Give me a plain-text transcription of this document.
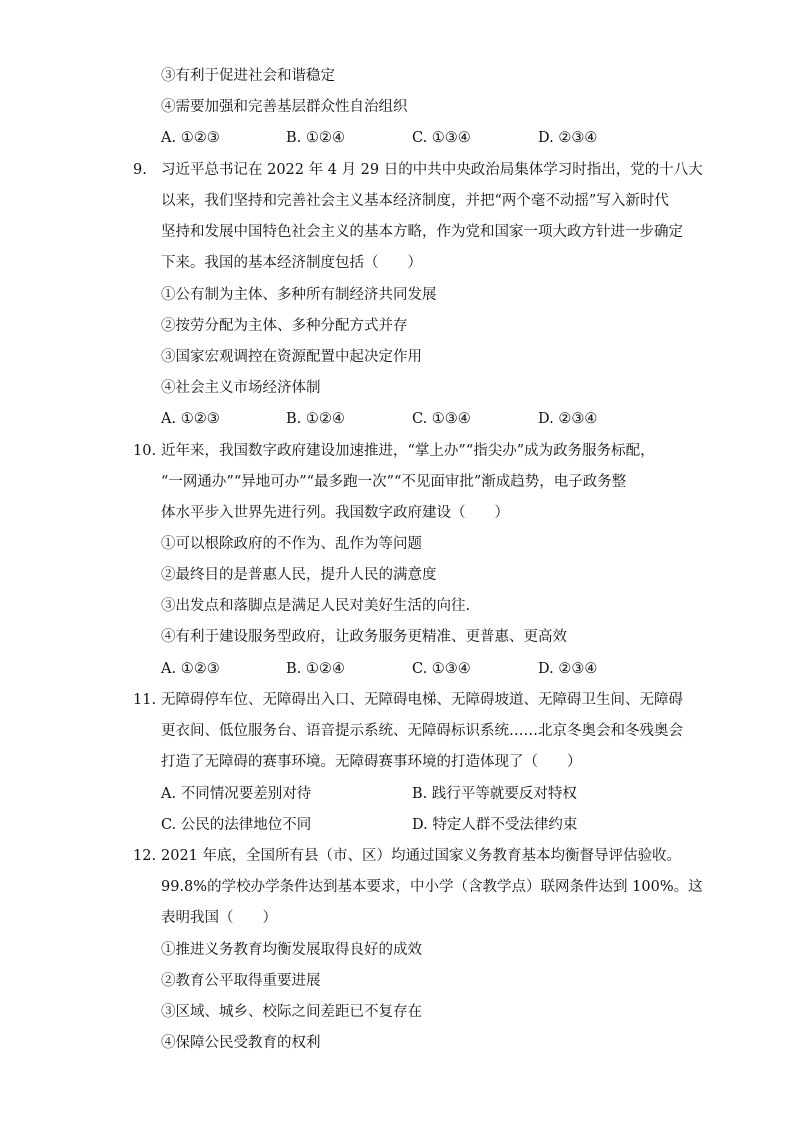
③有利于促进社会和谐稳定
④需要加强和完善基层群众性自治组织
A. ①②③	B. ①②④	C. ①③④	D. ②③④
9. 习近平总书记在 2022 年 4 月 29 日的中共中央政治局集体学习时指出，党的十八大
以来，我们坚持和完善社会主义基本经济制度，并把“两个毫不动摇”写入新时代
坚持和发展中国特色社会主义的基本方略，作为党和国家一项大政方针进一步确定
下来。我国的基本经济制度包括（　　）
①公有制为主体、多种所有制经济共同发展
②按劳分配为主体、多种分配方式并存
③国家宏观调控在资源配置中起决定作用
④社会主义市场经济体制
A. ①②③	B. ①②④	C. ①③④	D. ②③④
10. 近年来，我国数字政府建设加速推进，“掌上办”“指尖办”成为政务服务标配，
“一网通办”“异地可办”“最多跑一次”“不见面审批”渐成趋势，电子政务整
体水平步入世界先进行列。我国数字政府建设（　　）
①可以根除政府的不作为、乱作为等问题
②最终目的是普惠人民，提升人民的满意度
③出发点和落脚点是满足人民对美好生活的向往.
④有利于建设服务型政府，让政务服务更精准、更普惠、更高效
A. ①②③	B. ①②④	C. ①③④	D. ②③④
11. 无障碍停车位、无障碍出入口、无障碍电梯、无障碍坡道、无障碍卫生间、无障碍
更衣间、低位服务台、语音提示系统、无障碍标识系统……北京冬奥会和冬残奥会
打造了无障碍的赛事环境。无障碍赛事环境的打造体现了（　　）
A. 不同情况要差别对待	B. 践行平等就要反对特权
C. 公民的法律地位不同	D. 特定人群不受法律约束
12. 2021 年底，全国所有县（市、区）均通过国家义务教育基本均衡督导评估验收。
99.8%的学校办学条件达到基本要求，中小学（含教学点）联网条件达到 100%。这
表明我国（　　）
①推进义务教育均衡发展取得良好的成效
②教育公平取得重要进展
③区域、城乡、校际之间差距已不复存在
④保障公民受教育的权利
